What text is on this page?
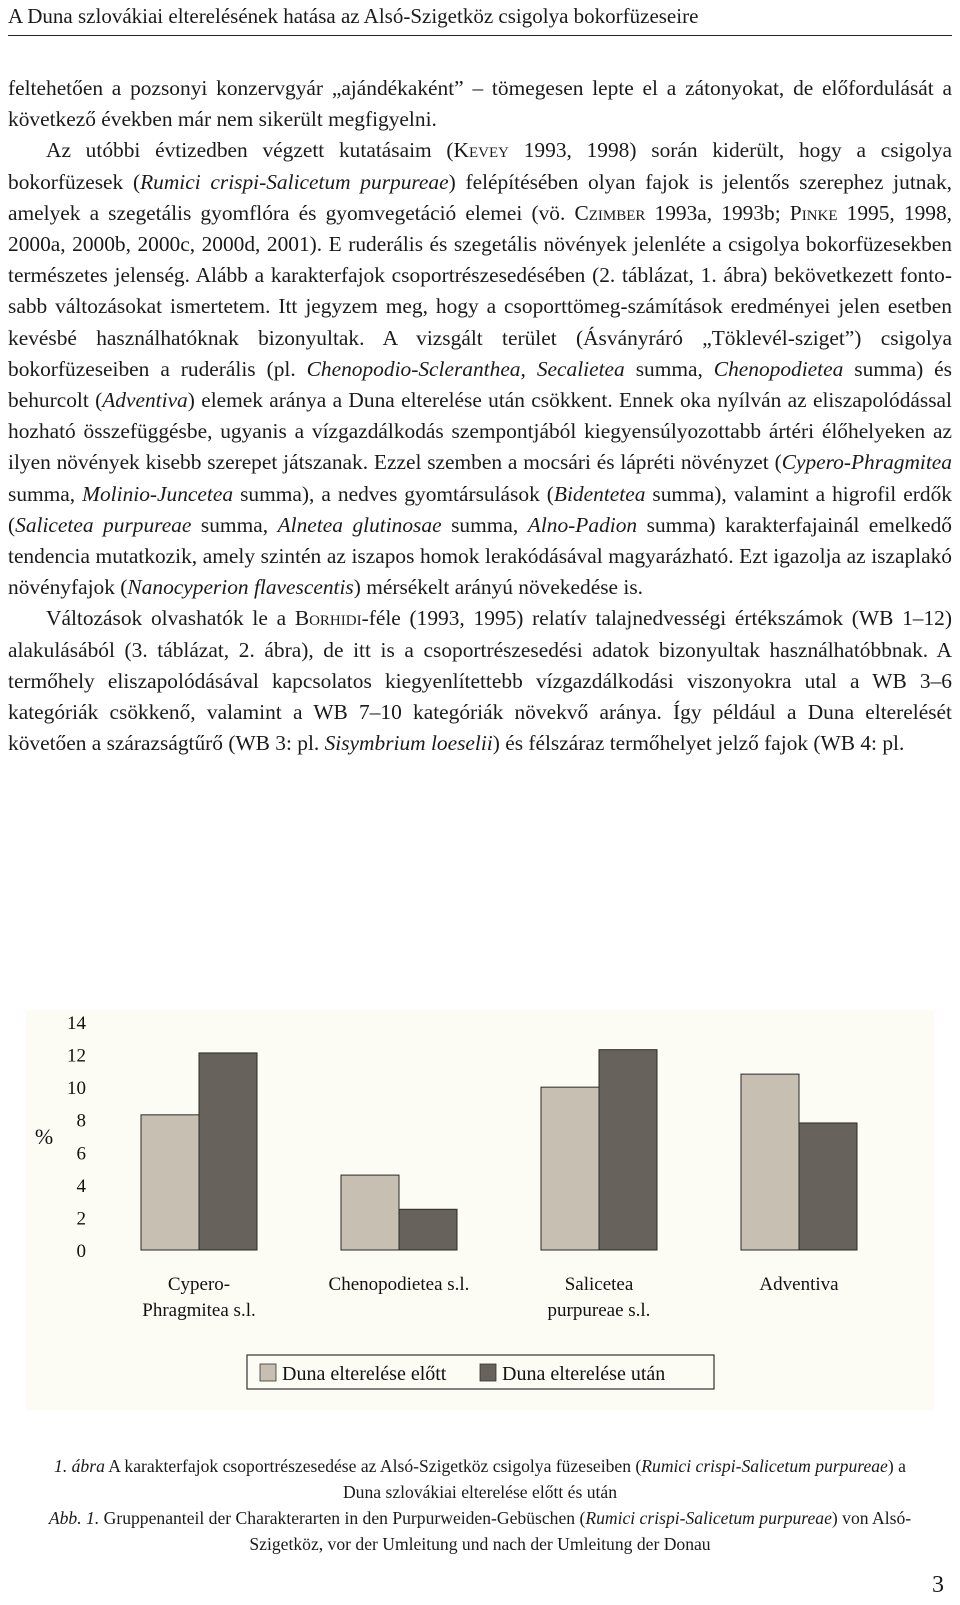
A Duna szlovákiai elterelésének hatása az Alsó-Szigetköz csigolya bokorfüzeseire

feltehetően a pozsonyi konzervgyár „ajándékaként” – tömegesen lepte el a zátonyokat, de előfordulását a következő években már nem sikerült megfigyelni.

Az utóbbi évtizedben végzett kutatásaim (Kevey 1993, 1998) során kiderült, hogy a csigolya bokorfüzesek (Rumici crispi-Salicetum purpureae) felépítésében olyan fajok is jelentős szerephez jutnak, amelyek a szegetális gyomflóra és gyomvegetáció elemei (vö. Czimber 1993a, 1993b; Pinke 1995, 1998, 2000a, 2000b, 2000c, 2000d, 2001). E ruderális és szegetális növények jelenléte a csigolya bokorfüzesekben természetes jelenség. Alább a karakterfajok csoportrészesedésében (2. táblázat, 1. ábra) bekövetkezett fontosabb változásokat ismertetem. Itt jegyzem meg, hogy a csoporttömeg-számítások eredményei jelen esetben kevésbé használhatóknak bizonyultak. A vizsgált terület (Ásványráró „Töklevél-sziget”) csigolya bokorfüzeseiben a ruderális (pl. Chenopodio-Scleranthea, Secalietea summa, Chenopodietea summa) és behurcolt (Adventiva) elemek aránya a Duna elterelése után csökkent. Ennek oka nyílván az eliszapolódással hozható összefüggésbe, ugyanis a vízgazdálkodás szempontjából kiegyensúlyozottabb ártéri élőhelyeken az ilyen növények kisebb szerepet játszanak. Ezzel szemben a mocsári és lápréti növényzet (Cypero-Phragmitea summa, Molinio-Juncetea summa), a nedves gyomtársulások (Bidentetea summa), valamint a higrofil erdők (Salicetea purpureae summa, Alnetea glutinosae summa, Alno-Padion summa) karakterfajainál emelkedő tendencia mutatkozik, amely szintén az iszapos homok lerakódásával magyarázható. Ezt igazolja az iszaplakó növényfajok (Nanocyperion flavescentis) mérsékelt arányú növekedése is.

Változások olvashatók le a Borhidi-féle (1993, 1995) relatív talajnedvességi értékszámok (WB 1–12) alakulásából (3. táblázat, 2. ábra), de itt is a csoportrészesedési adatok bizonyultak használhatóbbnak. A termőhely eliszapolódásával kapcsolatos kiegyenlítettebb vízgazdálkodási viszonyokra utal a WB 3–6 kategóriák csökkenő, valamint a WB 7–10 kategóriák növekvő aránya. Így például a Duna elterelését követően a szárazságtűrő (WB 3: pl. Sisymbrium loeselii) és félszáraz termőhelyet jelző fajok (WB 4: pl.

%
0
2
4
6
8
10
12
14
Cypero-
Phragmitea s.l.
Chenopodietea s.l.	Salicetea
purpureae s.l.
Adventiva
Duna elterelése előtt	Duna elterelése után
1. ábra A karakterfajok csoportrészesedése az Alsó-Szigetköz csigolya füzeseiben (Rumici crispi-Salicetum purpureae) a Duna szlovákiai elterelése előtt és után
Abb. 1. Gruppenanteil der Charakterarten in den Purpurweiden-Gebüschen (Rumici crispi-Salicetum purpureae) von Alsó-Szigetköz, vor der Umleitung und nach der Umleitung der Donau
3
